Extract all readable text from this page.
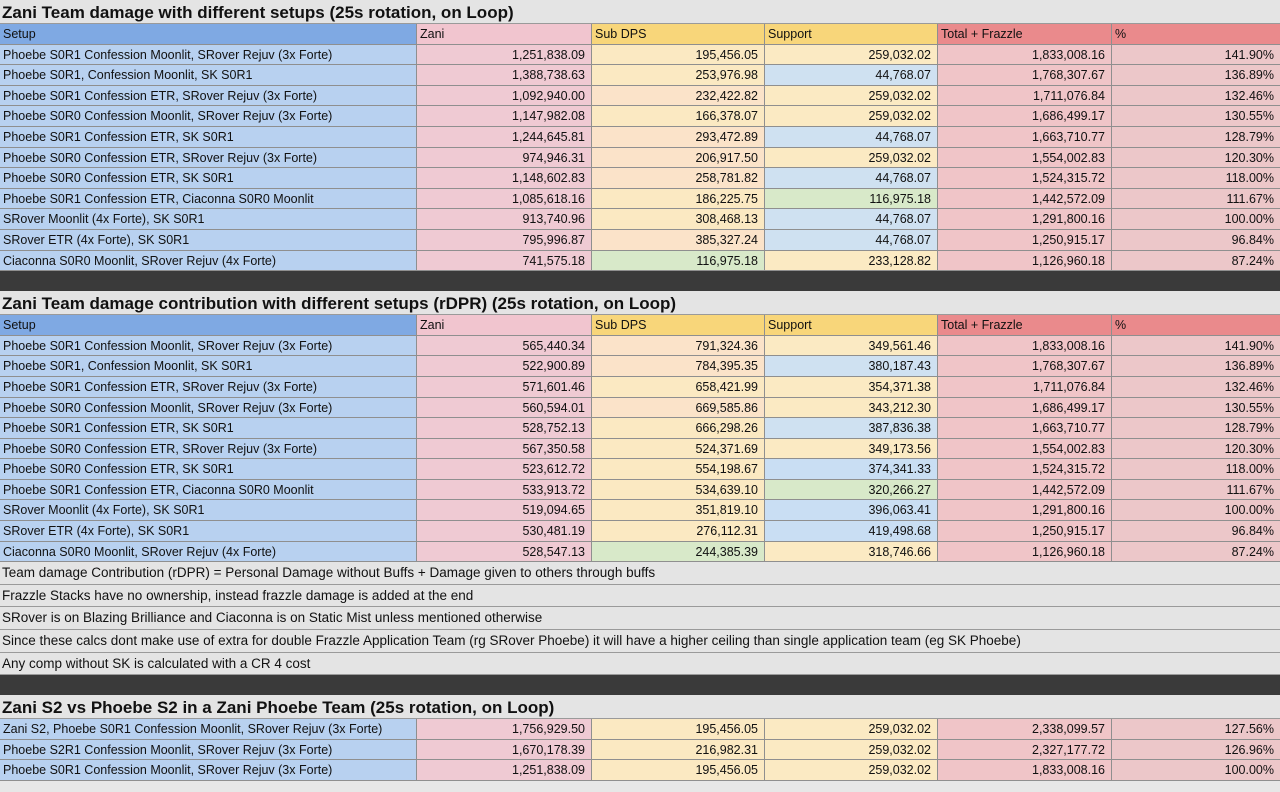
Zani Team damage with different setups (25s rotation, on Loop)
Setup	Zani	Sub DPS	Support	Total + Frazzle	%
Phoebe S0R1 Confession Moonlit, SRover Rejuv (3x Forte)	1,251,838.09	195,456.05	259,032.02	1,833,008.16	141.90%
Phoebe S0R1, Confession Moonlit, SK S0R1	1,388,738.63	253,976.98	44,768.07	1,768,307.67	136.89%
Phoebe S0R1 Confession ETR, SRover Rejuv (3x Forte)	1,092,940.00	232,422.82	259,032.02	1,711,076.84	132.46%
Phoebe S0R0 Confession Moonlit, SRover Rejuv (3x Forte)	1,147,982.08	166,378.07	259,032.02	1,686,499.17	130.55%
Phoebe S0R1 Confession ETR, SK S0R1	1,244,645.81	293,472.89	44,768.07	1,663,710.77	128.79%
Phoebe S0R0 Confession ETR, SRover Rejuv (3x Forte)	974,946.31	206,917.50	259,032.02	1,554,002.83	120.30%
Phoebe S0R0 Confession ETR, SK S0R1	1,148,602.83	258,781.82	44,768.07	1,524,315.72	118.00%
Phoebe S0R1 Confession ETR, Ciaconna S0R0 Moonlit	1,085,618.16	186,225.75	116,975.18	1,442,572.09	111.67%
SRover Moonlit (4x Forte), SK S0R1	913,740.96	308,468.13	44,768.07	1,291,800.16	100.00%
SRover ETR (4x Forte), SK S0R1	795,996.87	385,327.24	44,768.07	1,250,915.17	96.84%
Ciaconna S0R0 Moonlit, SRover Rejuv (4x Forte)	741,575.18	116,975.18	233,128.82	1,126,960.18	87.24%
Zani Team damage contribution with different setups (rDPR) (25s rotation, on Loop)
Setup	Zani	Sub DPS	Support	Total + Frazzle	%
Phoebe S0R1 Confession Moonlit, SRover Rejuv (3x Forte)	565,440.34	791,324.36	349,561.46	1,833,008.16	141.90%
Phoebe S0R1, Confession Moonlit, SK S0R1	522,900.89	784,395.35	380,187.43	1,768,307.67	136.89%
Phoebe S0R1 Confession ETR, SRover Rejuv (3x Forte)	571,601.46	658,421.99	354,371.38	1,711,076.84	132.46%
Phoebe S0R0 Confession Moonlit, SRover Rejuv (3x Forte)	560,594.01	669,585.86	343,212.30	1,686,499.17	130.55%
Phoebe S0R1 Confession ETR, SK S0R1	528,752.13	666,298.26	387,836.38	1,663,710.77	128.79%
Phoebe S0R0 Confession ETR, SRover Rejuv (3x Forte)	567,350.58	524,371.69	349,173.56	1,554,002.83	120.30%
Phoebe S0R0 Confession ETR, SK S0R1	523,612.72	554,198.67	374,341.33	1,524,315.72	118.00%
Phoebe S0R1 Confession ETR, Ciaconna S0R0 Moonlit	533,913.72	534,639.10	320,266.27	1,442,572.09	111.67%
SRover Moonlit (4x Forte), SK S0R1	519,094.65	351,819.10	396,063.41	1,291,800.16	100.00%
SRover ETR (4x Forte), SK S0R1	530,481.19	276,112.31	419,498.68	1,250,915.17	96.84%
Ciaconna S0R0 Moonlit, SRover Rejuv (4x Forte)	528,547.13	244,385.39	318,746.66	1,126,960.18	87.24%
Team damage Contribution (rDPR) = Personal Damage without Buffs + Damage given to others through buffs
Frazzle Stacks have no ownership, instead frazzle damage is added at the end
SRover is on Blazing Brilliance and Ciaconna is on Static Mist unless mentioned otherwise
Since these calcs dont make use of extra for double Frazzle Application Team (rg SRover Phoebe) it will have a higher ceiling than single application team (eg SK Phoebe)
Any comp without SK is calculated with a CR 4 cost
Zani S2 vs Phoebe S2 in a Zani Phoebe Team (25s rotation, on Loop)
Zani S2, Phoebe S0R1 Confession Moonlit, SRover Rejuv (3x Forte)	1,756,929.50	195,456.05	259,032.02	2,338,099.57	127.56%
Phoebe S2R1 Confession Moonlit, SRover Rejuv (3x Forte)	1,670,178.39	216,982.31	259,032.02	2,327,177.72	126.96%
Phoebe S0R1 Confession Moonlit, SRover Rejuv (3x Forte)	1,251,838.09	195,456.05	259,032.02	1,833,008.16	100.00%
